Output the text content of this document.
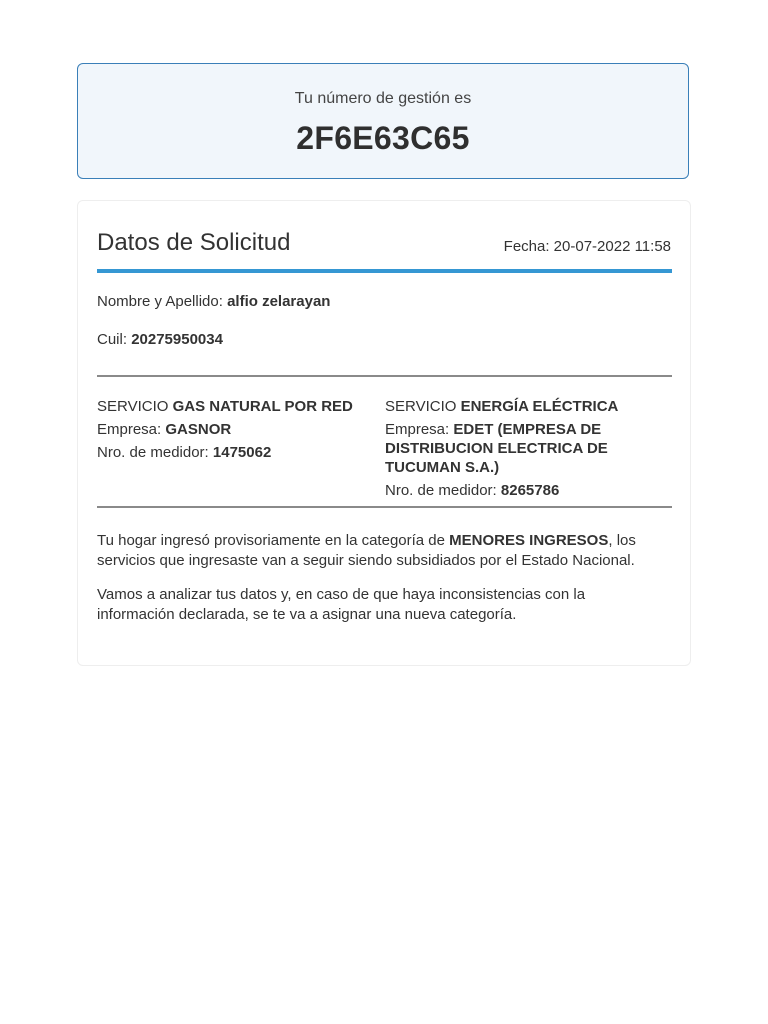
Tu número de gestión es
2F6E63C65
Datos de Solicitud	Fecha: 20-07-2022 11:58
Nombre y Apellido: alfio zelarayan
Cuil: 20275950034
SERVICIO GAS NATURAL POR RED
Empresa: GASNOR
Nro. de medidor: 1475062
SERVICIO ENERGÍA ELÉCTRICA
Empresa: EDET (EMPRESA DE DISTRIBUCION ELECTRICA DE TUCUMAN S.A.)
Nro. de medidor: 8265786
Tu hogar ingresó provisoriamente en la categoría de MENORES INGRESOS, los servicios que ingresaste van a seguir siendo subsidiados por el Estado Nacional.
Vamos a analizar tus datos y, en caso de que haya inconsistencias con la información declarada, se te va a asignar una nueva categoría.
